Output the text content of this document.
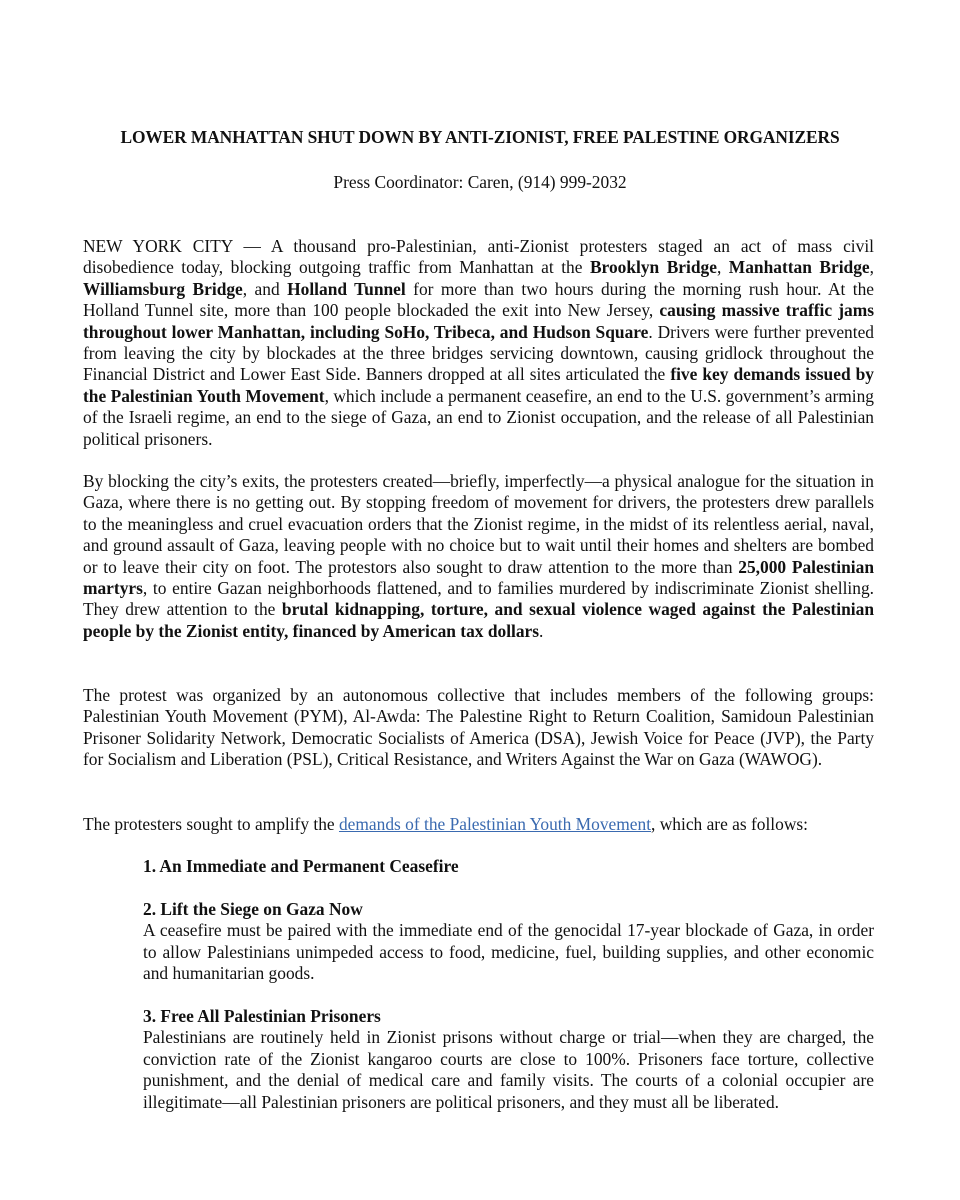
LOWER MANHATTAN SHUT DOWN BY ANTI-ZIONIST, FREE PALESTINE ORGANIZERS
Press Coordinator: Caren, (914) 999-2032

NEW YORK CITY — A thousand pro-Palestinian, anti-Zionist protesters staged an act of mass civil disobedience today, blocking outgoing traffic from Manhattan at the Brooklyn Bridge, Manhattan Bridge, Williamsburg Bridge, and Holland Tunnel for more than two hours during the morning rush hour. At the Holland Tunnel site, more than 100 people blockaded the exit into New Jersey, causing massive traffic jams throughout lower Manhattan, including SoHo, Tribeca, and Hudson Square. Drivers were further prevented from leaving the city by blockades at the three bridges servicing downtown, causing gridlock throughout the Financial District and Lower East Side. Banners dropped at all sites articulated the five key demands issued by the Palestinian Youth Movement, which include a permanent ceasefire, an end to the U.S. government’s arming of the Israeli regime, an end to the siege of Gaza, an end to Zionist occupation, and the release of all Palestinian political prisoners.

By blocking the city’s exits, the protesters created—briefly, imperfectly—a physical analogue for the situation in Gaza, where there is no getting out. By stopping freedom of movement for drivers, the protesters drew parallels to the meaningless and cruel evacuation orders that the Zionist regime, in the midst of its relentless aerial, naval, and ground assault of Gaza, leaving people with no choice but to wait until their homes and shelters are bombed or to leave their city on foot. The protestors also sought to draw attention to the more than 25,000 Palestinian martyrs, to entire Gazan neighborhoods flattened, and to families murdered by indiscriminate Zionist shelling. They drew attention to the brutal kidnapping, torture, and sexual violence waged against the Palestinian people by the Zionist entity, financed by American tax dollars.

The protest was organized by an autonomous collective that includes members of the following groups: Palestinian Youth Movement (PYM), Al-Awda: The Palestine Right to Return Coalition, Samidoun Palestinian Prisoner Solidarity Network, Democratic Socialists of America (DSA), Jewish Voice for Peace (JVP), the Party for Socialism and Liberation (PSL), Critical Resistance, and Writers Against the War on Gaza (WAWOG).

The protesters sought to amplify the demands of the Palestinian Youth Movement, which are as follows:

1. An Immediate and Permanent Ceasefire
2. Lift the Siege on Gaza Now
A ceasefire must be paired with the immediate end of the genocidal 17-year blockade of Gaza, in order to allow Palestinians unimpeded access to food, medicine, fuel, building supplies, and other economic and humanitarian goods.
3. Free All Palestinian Prisoners
Palestinians are routinely held in Zionist prisons without charge or trial—when they are charged, the conviction rate of the Zionist kangaroo courts are close to 100%. Prisoners face torture, collective punishment, and the denial of medical care and family visits. The courts of a colonial occupier are illegitimate—all Palestinian prisoners are political prisoners, and they must all be liberated.
